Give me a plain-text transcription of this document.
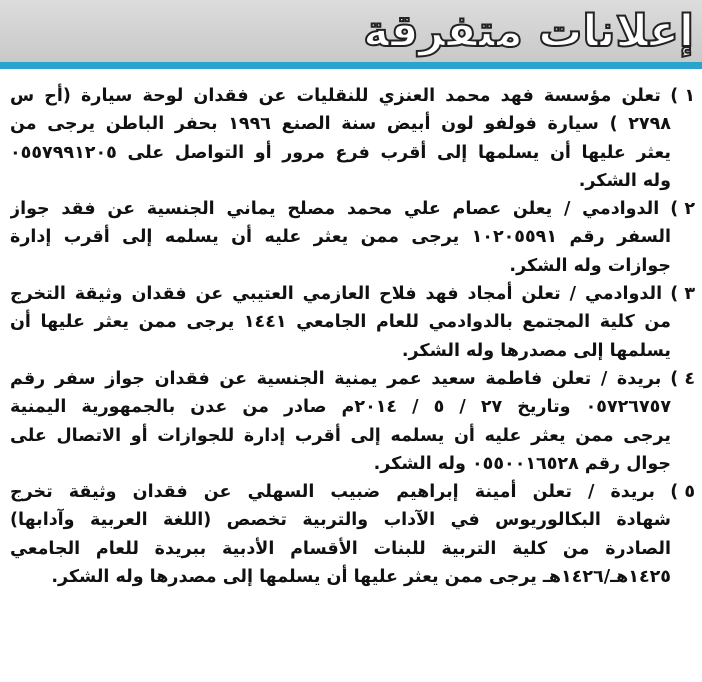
إعلانات متفرقة
١ ) تعلن مؤسسة فهد محمد العنزي للنقليات عن فقدان لوحة سيارة (أح س
٢٧٩٨ ) سيارة فولفو لون أبيض سنة الصنع ١٩٩٦ بحفر الباطن يرجى من
يعثر عليها أن يسلمها إلى أقرب فرع مرور أو التواصل على ٠٥٥٧٩٩١٢٠٥
وله الشكر.
٢ ) الدوادمي / يعلن عصام علي محمد مصلح يماني الجنسية عن فقد جواز
السفر رقم ١٠٢٠٥٥٩١ يرجى ممن يعثر عليه أن يسلمه إلى أقرب إدارة
جوازات وله الشكر.
٣ ) الدوادمي / تعلن أمجاد فهد فلاح العازمي العتيبي عن فقدان وثيقة التخرج
من كلية المجتمع بالدوادمي للعام الجامعي ١٤٤١ يرجى ممن يعثر عليها أن
يسلمها إلى مصدرها وله الشكر.
٤ ) بريدة / تعلن فاطمة سعيد عمر يمنية الجنسية عن فقدان جواز سفر رقم
٠٥٧٢٦٧٥٧ وتاريخ ٢٧ / ٥ / ٢٠١٤م صادر من عدن بالجمهورية اليمنية
يرجى ممن يعثر عليه أن يسلمه إلى أقرب إدارة للجوازات أو الاتصال على
جوال رقم ٠٥٥٠٠١٦٥٢٨ وله الشكر.
٥ ) بريدة / تعلن أمينة إبراهيم ضبيب السهلي عن فقدان وثيقة تخرج
شهادة البكالوريوس في الآداب والتربية تخصص (اللغة العربية وآدابها)
الصادرة من كلية التربية للبنات الأقسام الأدبية ببريدة للعام الجامعي
١٤٢٥هـ/١٤٢٦هـ يرجى ممن يعثر عليها أن يسلمها إلى مصدرها وله الشكر.
